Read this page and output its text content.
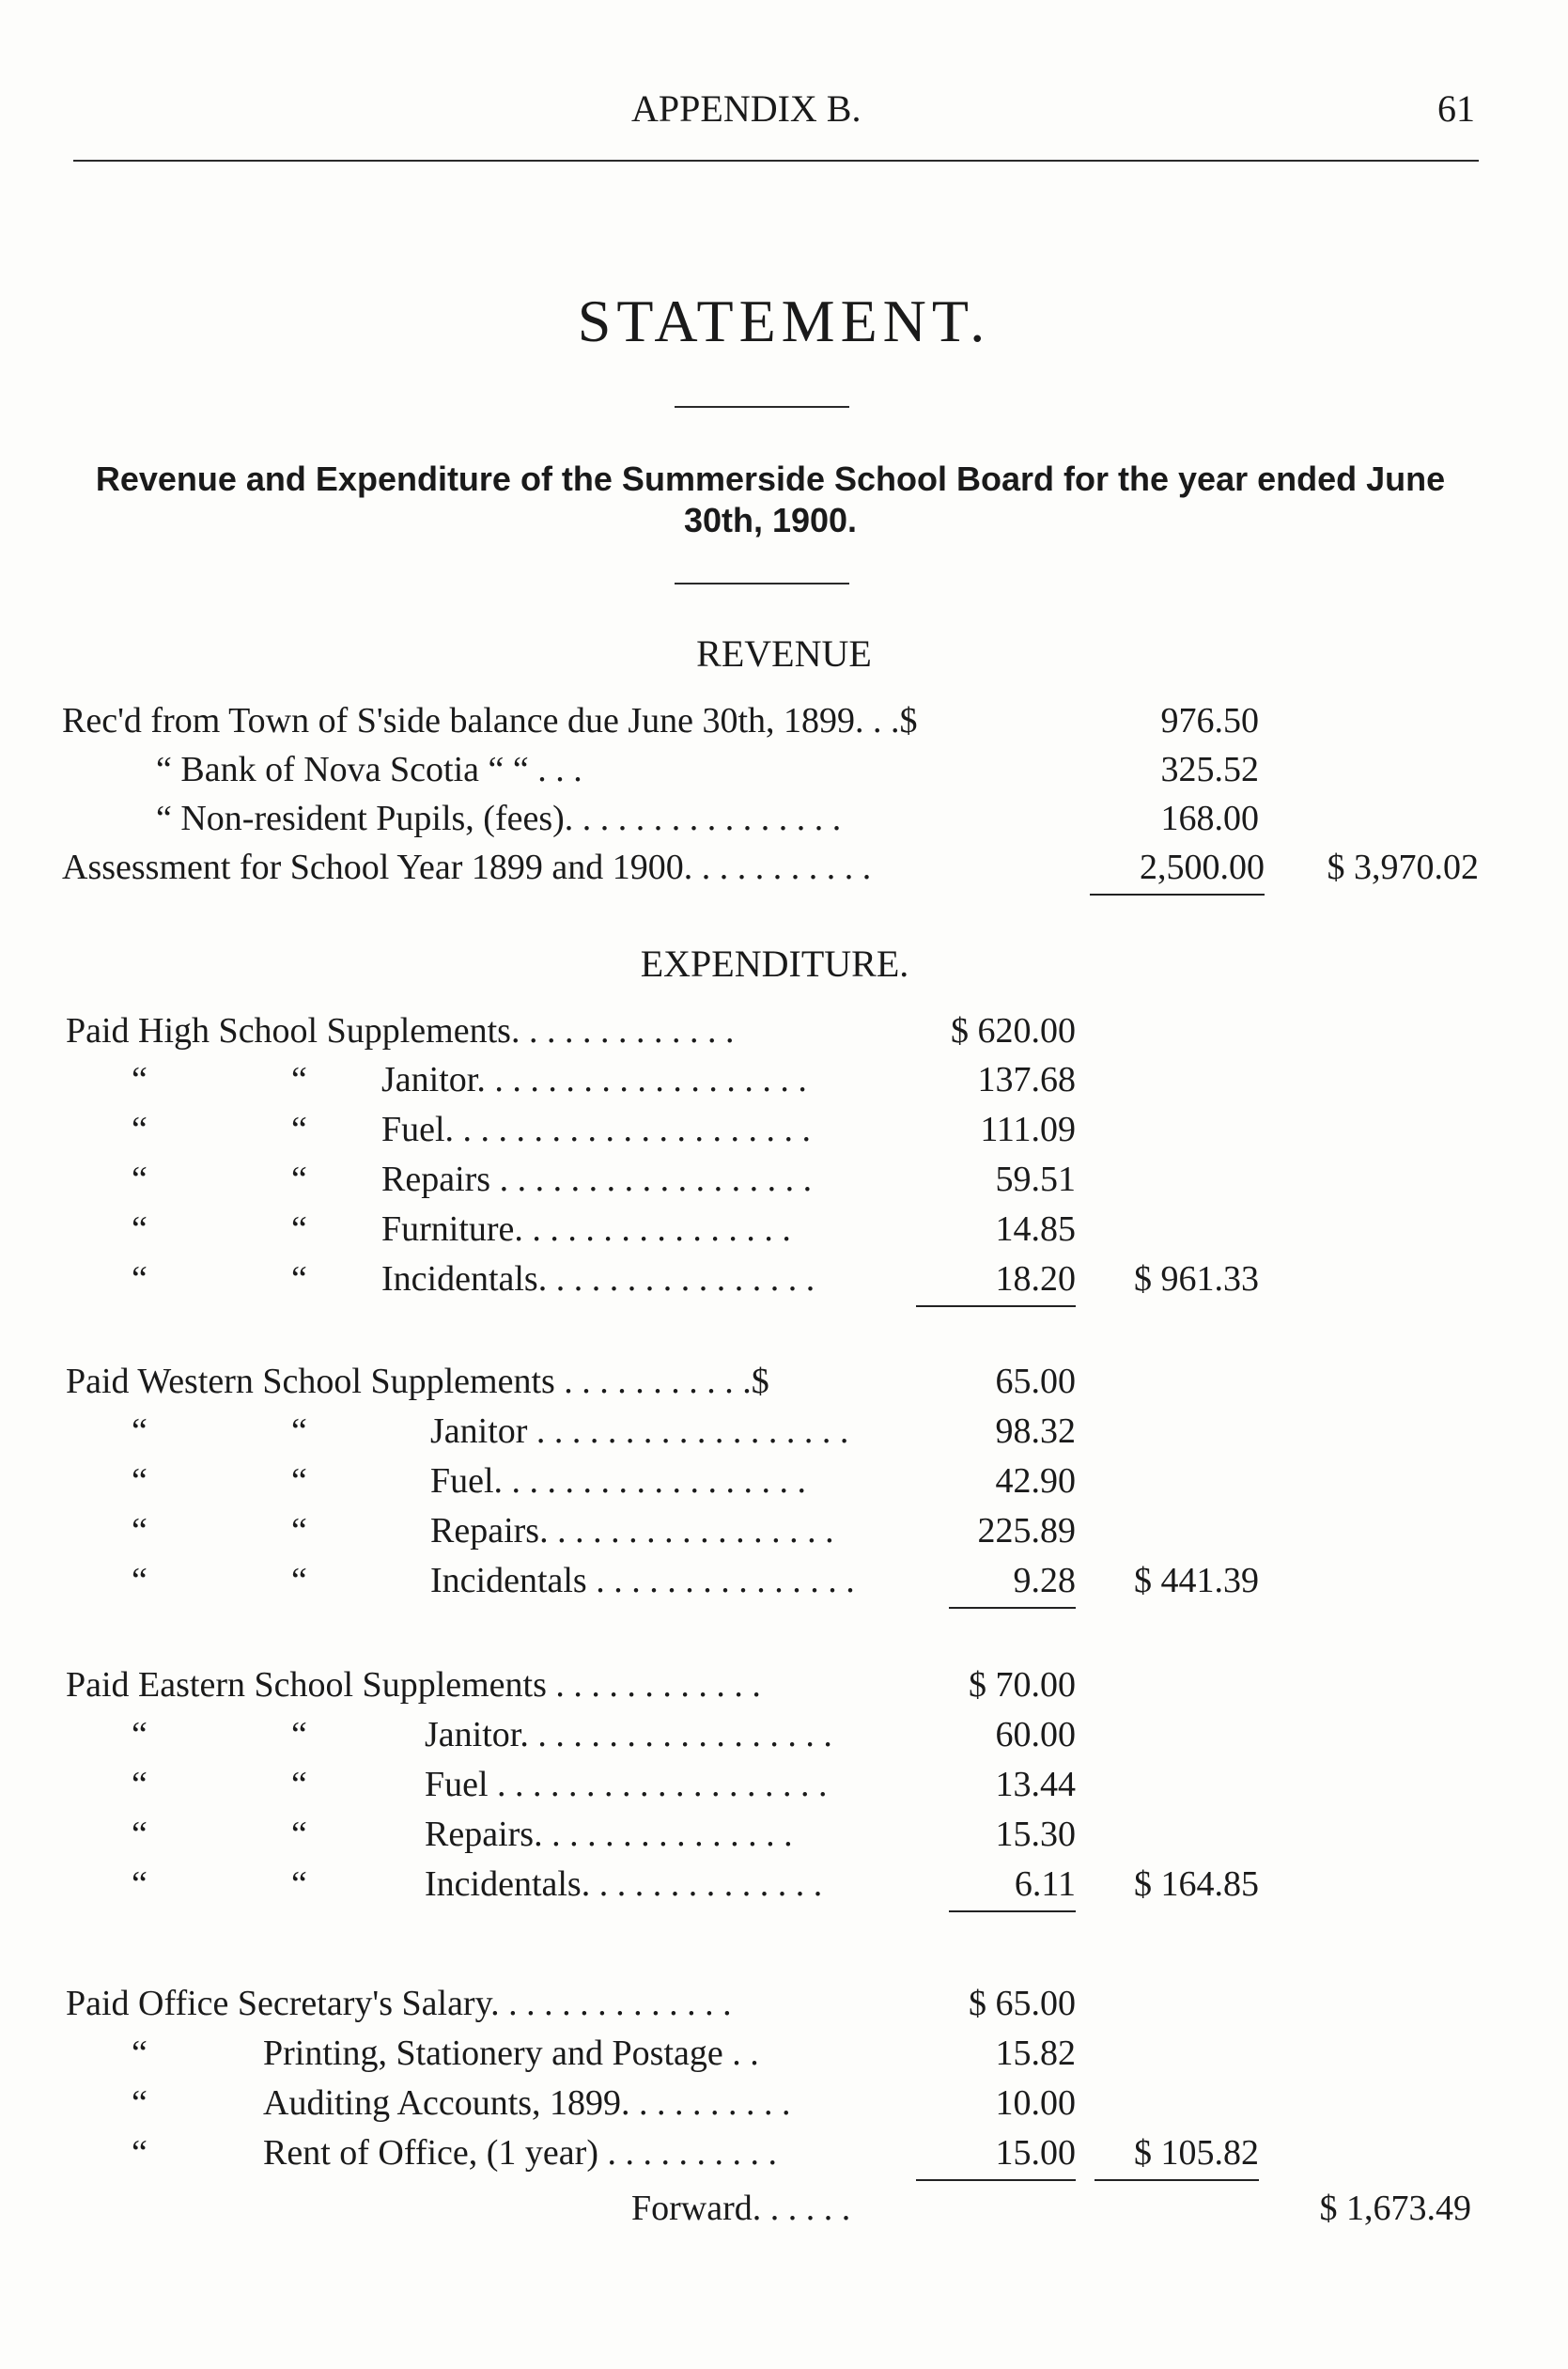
APPENDIX B.	61
STATEMENT.
Revenue and Expenditure of the Summerside School Board for the year ended June 30th, 1900.
REVENUE
Rec'd from Town of S'side balance due June 30th, 1899. . .$	976.50
“ Bank of Nova Scotia “ “ . . .	325.52
“ Non-resident Pupils, (fees). . . . . . . . . . . . . . . .	168.00
Assessment for School Year 1899 and 1900. . . . . . . . . . .	2,500.00	$ 3,970.02
EXPENDITURE.
Paid High School Supplements. . . . . . . . . . . . .	$ 620.00
“	“ Janitor. . . . . . . . . . . . . . . . . . .	137.68
“	“ Fuel. . . . . . . . . . . . . . . . . . . . .	111.09
“	“ Repairs . . . . . . . . . . . . . . . . . .	59.51
“	“ Furniture. . . . . . . . . . . . . . . .	14.85
“	“ Incidentals. . . . . . . . . . . . . . . .	18.20	$ 961.33
Paid Western School Supplements . . . . . . . . . . .$	65.00
“	“	Janitor . . . . . . . . . . . . . . . . . .	98.32
“	“	Fuel. . . . . . . . . . . . . . . . . .	42.90
“	“	Repairs. . . . . . . . . . . . . . . . .	225.89
“	“	Incidentals . . . . . . . . . . . . . . .	9.28	$ 441.39
Paid Eastern School Supplements . . . . . . . . . . . .	$ 70.00
“	“	Janitor. . . . . . . . . . . . . . . . . .	60.00
“	“	Fuel . . . . . . . . . . . . . . . . . . .	13.44
“	“	Repairs. . . . . . . . . . . . . . .	15.30
“	“	Incidentals. . . . . . . . . . . . . .	6.11	$ 164.85
Paid Office Secretary's Salary. . . . . . . . . . . . . .	$ 65.00
“	Printing, Stationery and Postage . .	15.82
“	Auditing Accounts, 1899. . . . . . . . . .	10.00
“	Rent of Office, (1 year) . . . . . . . . . .	15.00	$ 105.82
Forward. . . . . .	$ 1,673.49
